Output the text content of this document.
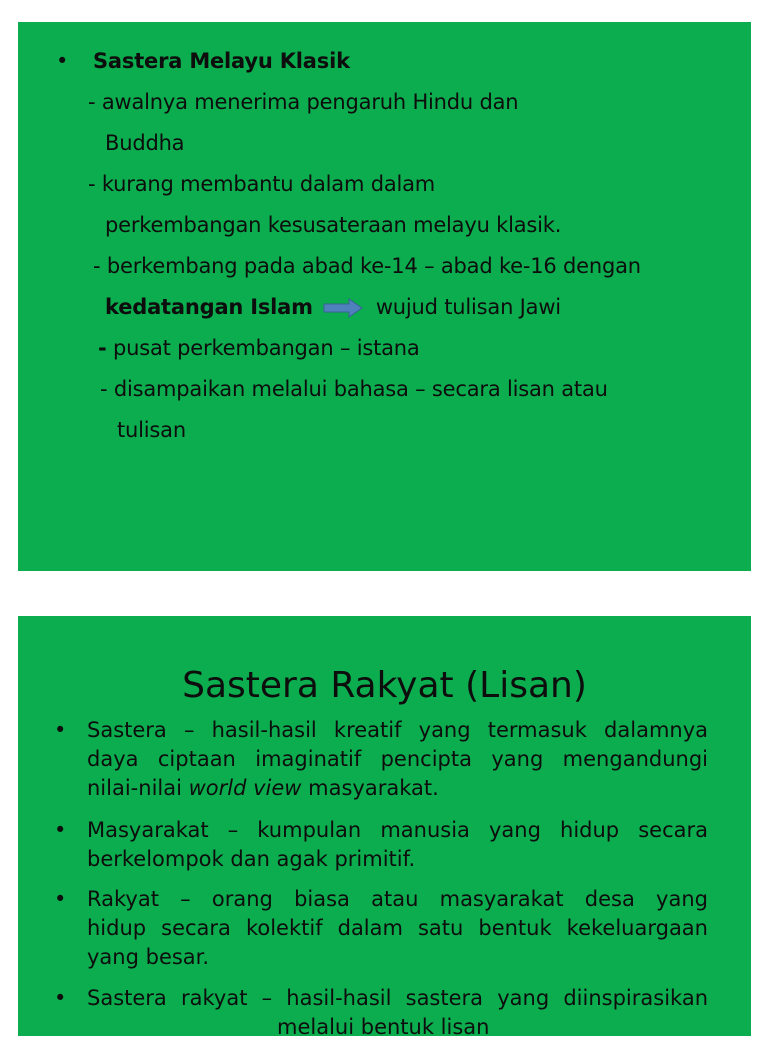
• Sastera Melayu Klasik
- awalnya menerima pengaruh Hindu dan
Buddha
- kurang membantu dalam dalam
perkembangan kesusateraan melayu klasik.
- berkembang pada abad ke-14 – abad ke-16 dengan
kedatangan Islam	wujud tulisan Jawi
- pusat perkembangan – istana
- disampaikan melalui bahasa – secara lisan atau
tulisan
Sastera Rakyat (Lisan)
• Sastera – hasil-hasil kreatif yang termasuk dalamnya
daya ciptaan imaginatif pencipta yang mengandungi
nilai-nilai world view masyarakat.
• Masyarakat – kumpulan manusia yang hidup secara
berkelompok dan agak primitif.
• Rakyat – orang biasa atau masyarakat desa yang
hidup secara kolektif dalam satu bentuk kekeluargaan
yang besar.
• Sastera rakyat – hasil-hasil sastera yang diinspirasikan
melalui bentuk lisan
